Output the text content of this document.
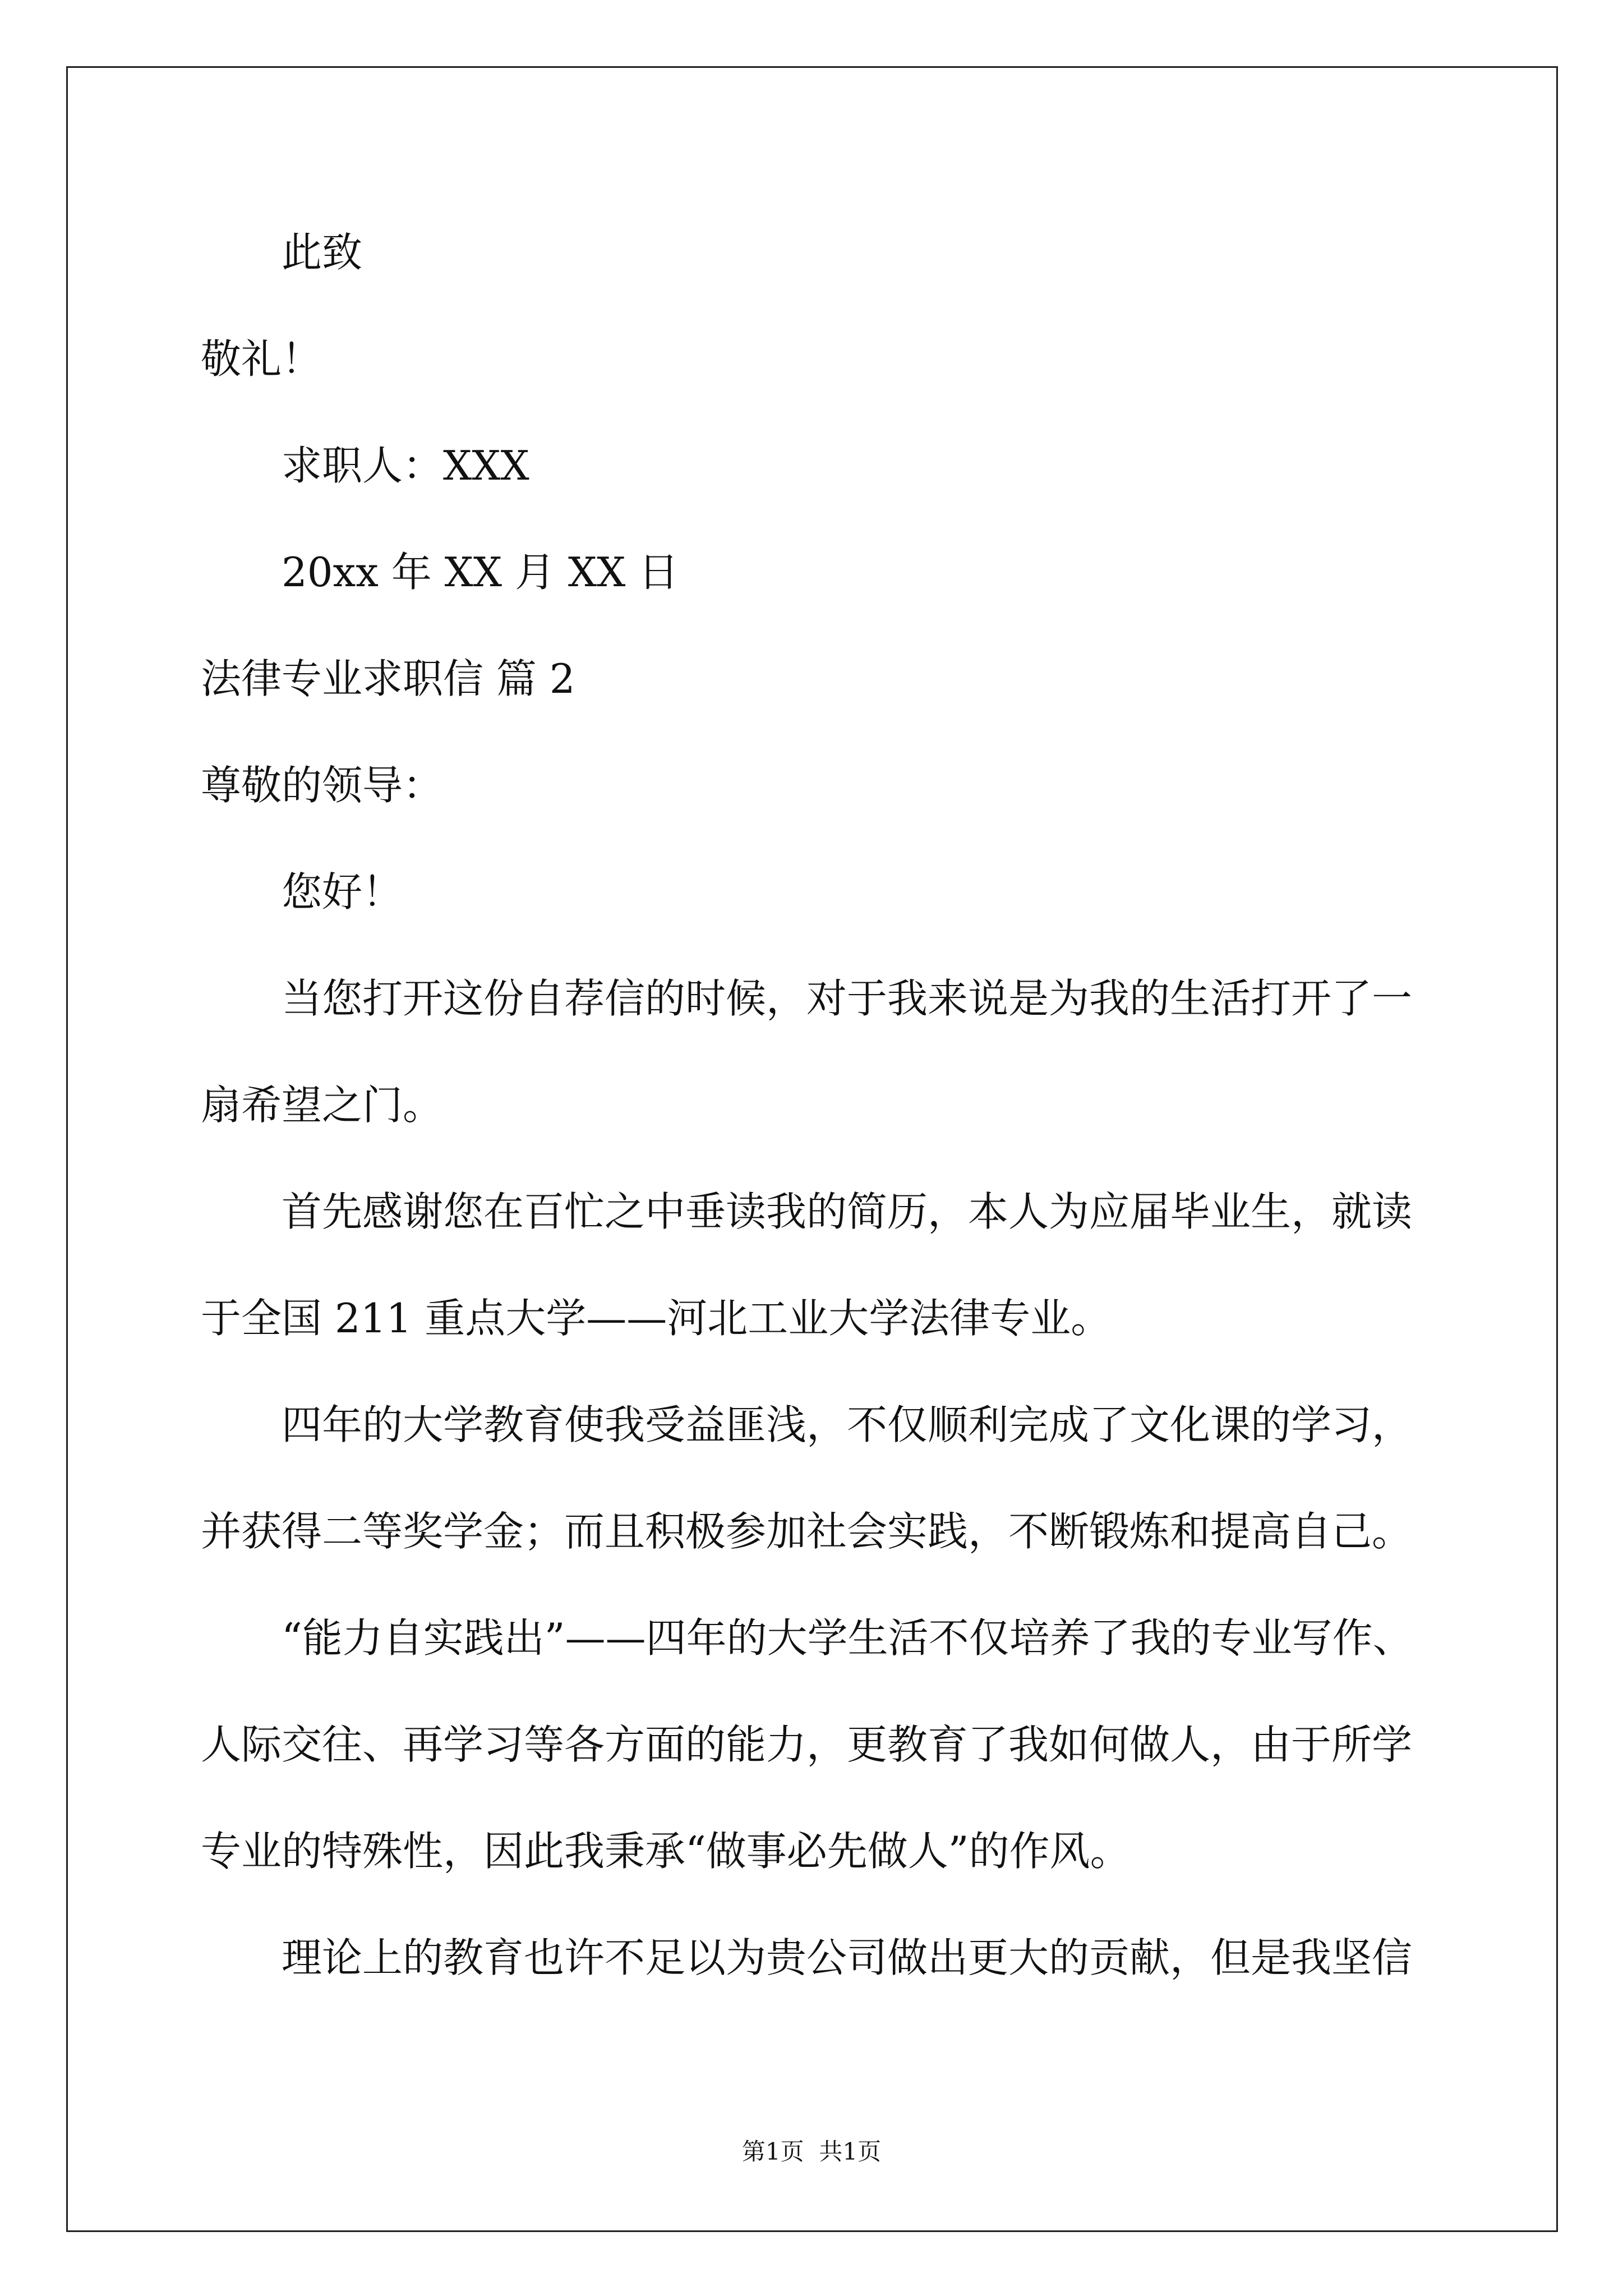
此致
敬礼！
求职人：XXX
20xx 年 XX 月 XX 日
法律专业求职信 篇 2
尊敬的领导：
您好！
当您打开这份自荐信的时候，对于我来说是为我的生活打开了一
扇希望之门。
首先感谢您在百忙之中垂读我的简历，本人为应届毕业生，就读
于全国 211 重点大学——河北工业大学法律专业。
四年的大学教育使我受益匪浅，不仅顺利完成了文化课的学习，
并获得二等奖学金；而且积极参加社会实践，不断锻炼和提高自己。
“能力自实践出”——四年的大学生活不仅培养了我的专业写作、
人际交往、再学习等各方面的能力，更教育了我如何做人，由于所学
专业的特殊性，因此我秉承“做事必先做人”的作风。
理论上的教育也许不足以为贵公司做出更大的贡献，但是我坚信
第1页  共1页
